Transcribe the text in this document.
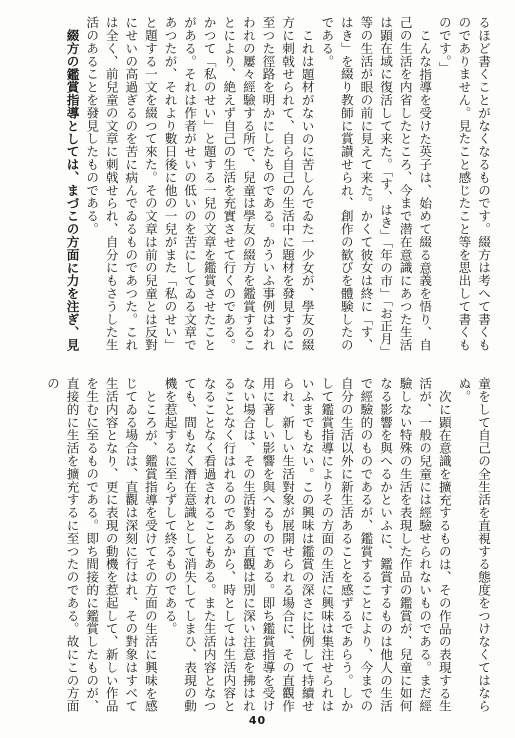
るほど書くことがなくなるものです。綴方は考へて書くものでありません。見たこと感じたこと等を思出して書くものです。」
こんな指導を受けた英子は、始めて綴る意義を悟り、自己の生活を内省したところ、今まで潜在意識にあつた生活は顕在域に復活して来た。「す、はき」「年の市」「お正月」等の生活が眼の前に見えて来た。かくて彼女は終に「す、はき」を綴り教師に賞讃せられ、創作の歓びを體験したのである。
これは題材がないのに苦しんでゐた一少女が、學友の綴方に刺戟せられて、自ら自己の生活中に題材を發見するに至つた徑路を明かにしたものである。かういふ事例はわれわれの屢々經驗する所で、兒童は學友の綴方を鑑賞することにより、絶えず自己の生活を充實させて行くのである。かつて「私のせい」と題する一兒の文章を鑑賞させたことがある。それは作者がせいの低いのを苦にしてゐる文章であつたが、それより數日後に他の一兒がまた「私のせい」と題する一文を綴つて來た。その文章は前の兒童とは反對にせいの高過ぎるのを苦に病んでゐるものであつた。これは全く、前兒童の文章に刺戟せられ、自分にもさうした生活のあることを發見したものである。
綴方の鑑賞指導としては、まづこの方面に力を注ぎ、見
童をして自己の全生活を直視する態度をつけなくてはならぬ。
次に顕在意識を擴充するものは、その作品の表現する生活が、一般の兒童には經驗せられないものである。まだ經驗しない特殊の生活を表現した作品の鑑賞が、兒童に如何なる影響を與へるかといふに、鑑賞するものは他人の生活で經驗的のものであるが、鑑賞することにより、今までの自分の生活以外に新生活あることを感ずるであらう。しかして鑑賞指導によりその方面の生活に興味は集注せられはいふまでもない。この興味は鑑賞の深さに比例して持續せられ、新しい生活對象が展開せられる場合に、その直觀作用に著しい影響を與へるものである。即ち鑑賞指導を受けない場合は、その生活對象の直觀は別に深い注意を拂はれることなく行はれるのであるから、時としては生活内容となることなく看過されることもある。また生活内容となつても、間もなく潛在意識として消失してしまひ、表現の動機を惹起するに至らずして終るものである。
ところが、鑑賞指導を受けてその方面の生活に興味を感じてゐる場合は、直觀は深刻に行はれ、その對象はすべて生活内容となり、更に表現の動機を惹起して、新しい作品を生むに至るものである。即ち間接的に鑑賞したものが、直接的に生活を擴充するに至つたのである。故にこの方面の
40
